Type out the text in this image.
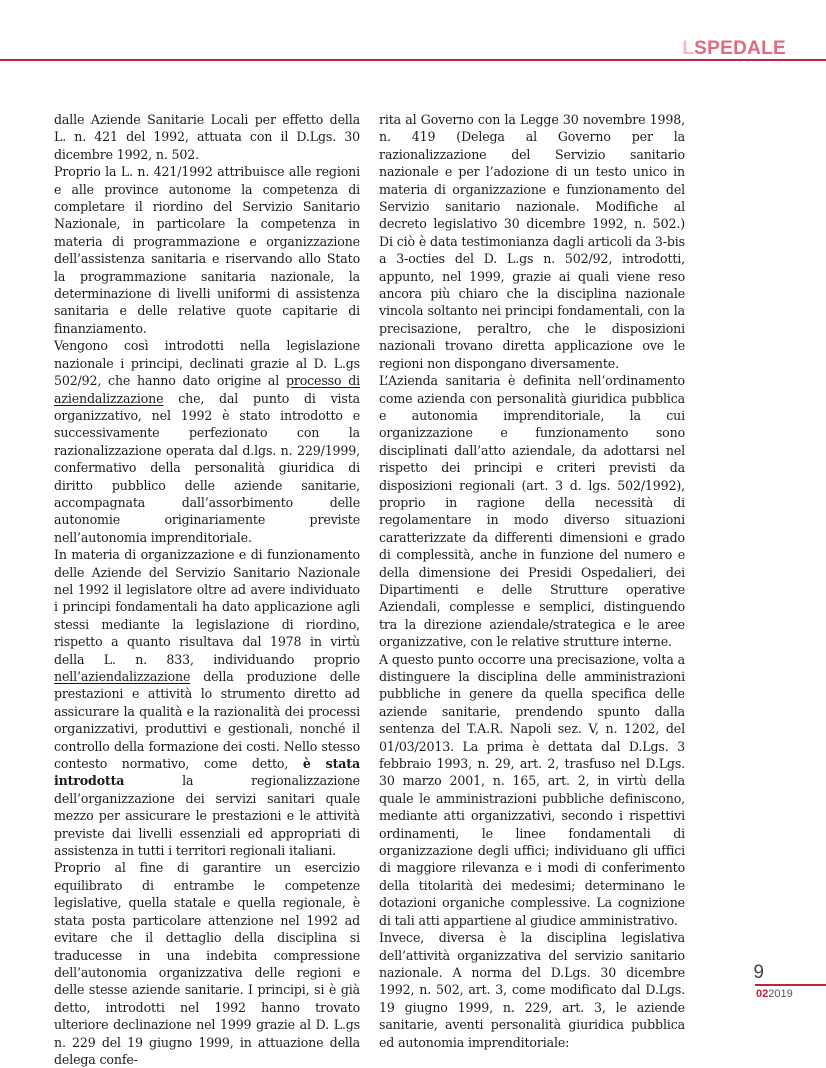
LSPEDALE

dalle Aziende Sanitarie Locali per effetto della L. n. 421 del 1992, attuata con il D.Lgs. 30 dicembre 1992, n. 502.

Proprio la L. n. 421/1992 attribuisce alle regioni e alle province autonome la competenza di completare il riordino del Servizio Sanitario Nazionale, in particolare la competenza in materia di programmazione e organizzazione dell’assistenza sanitaria e riservando allo Stato la programmazione sanitaria nazionale, la determinazione di livelli uniformi di assistenza sanitaria e delle relative quote capitarie di finanziamento.

Vengono così introdotti nella legislazione nazionale i principi, declinati grazie al D. L.gs 502/92, che hanno dato origine al processo di aziendalizzazione che, dal punto di vista organizzativo, nel 1992 è stato introdotto e successivamente perfezionato con la razionalizzazione operata dal d.lgs. n. 229/1999, confermativo della personalità giuridica di diritto pubblico delle aziende sanitarie, accompagnata dall’assorbimento delle autonomie originariamente previste nell’autonomia imprenditoriale.

In materia di organizzazione e di funzionamento delle Aziende del Servizio Sanitario Nazionale nel 1992 il legislatore oltre ad avere individuato i principi fondamentali ha dato applicazione agli stessi mediante la legislazione di riordino, rispetto a quanto risultava dal 1978 in virtù della L. n. 833, individuando proprio nell’aziendalizzazione della produzione delle prestazioni e attività lo strumento diretto ad assicurare la qualità e la razionalità dei processi organizzativi, produttivi e gestionali, nonché il controllo della formazione dei costi. Nello stesso contesto normativo, come detto, è stata introdotta la regionalizzazione dell’organizzazione dei servizi sanitari quale mezzo per assicurare le prestazioni e le attività previste dai livelli essenziali ed appropriati di assistenza in tutti i territori regionali italiani.

Proprio al fine di garantire un esercizio equilibrato di entrambe le competenze legislative, quella statale e quella regionale, è stata posta particolare attenzione nel 1992 ad evitare che il dettaglio della disciplina si traducesse in una indebita compressione dell’autonomia organizzativa delle regioni e delle stesse aziende sanitarie. I principi, si è già detto, introdotti nel 1992 hanno trovato ulteriore declinazione nel 1999 grazie al D. L.gs n. 229 del 19 giugno 1999, in attuazione della delega confe-

rita al Governo con la Legge 30 novembre 1998, n. 419 (Delega al Governo per la razionalizzazione del Servizio sanitario nazionale e per l’adozione di un testo unico in materia di organizzazione e funzionamento del Servizio sanitario nazionale. Modifiche al decreto legislativo 30 dicembre 1992, n. 502.) Di ciò è data testimonianza dagli articoli da 3-bis a 3-octies del D. L.gs n. 502/92, introdotti, appunto, nel 1999, grazie ai quali viene reso ancora più chiaro che la disciplina nazionale vincola soltanto nei principi fondamentali, con la precisazione, peraltro, che le disposizioni nazionali trovano diretta applicazione ove le regioni non dispongano diversamente.

L’Azienda sanitaria è definita nell’ordinamento come azienda con personalità giuridica pubblica e autonomia imprenditoriale, la cui organizzazione e funzionamento sono disciplinati dall’atto aziendale, da adottarsi nel rispetto dei principi e criteri previsti da disposizioni regionali (art. 3 d. lgs. 502/1992), proprio in ragione della necessità di regolamentare in modo diverso situazioni caratterizzate da differenti dimensioni e grado di complessità, anche in funzione del numero e della dimensione dei Presidi Ospedalieri, dei Dipartimenti e delle Strutture operative Aziendali, complesse e semplici, distinguendo tra la direzione aziendale/strategica e le aree organizzative, con le relative strutture interne.

A questo punto occorre una precisazione, volta a distinguere la disciplina delle amministrazioni pubbliche in genere da quella specifica delle aziende sanitarie, prendendo spunto dalla sentenza del T.A.R. Napoli sez. V, n. 1202, del 01/03/2013. La prima è dettata dal D.Lgs. 3 febbraio 1993, n. 29, art. 2, trasfuso nel D.Lgs. 30 marzo 2001, n. 165, art. 2, in virtù della quale le amministrazioni pubbliche definiscono, mediante atti organizzativi, secondo i rispettivi ordinamenti, le linee fondamentali di organizzazione degli uffici; individuano gli uffici di maggiore rilevanza e i modi di conferimento della titolarità dei medesimi; determinano le dotazioni organiche complessive. La cognizione di tali atti appartiene al giudice amministrativo.

Invece, diversa è la disciplina legislativa dell’attività organizzativa del servizio sanitario nazionale. A norma del D.Lgs. 30 dicembre 1992, n. 502, art. 3, come modificato dal D.Lgs. 19 giugno 1999, n. 229, art. 3, le aziende sanitarie, aventi personalità giuridica pubblica ed autonomia imprenditoriale:

9
022019
